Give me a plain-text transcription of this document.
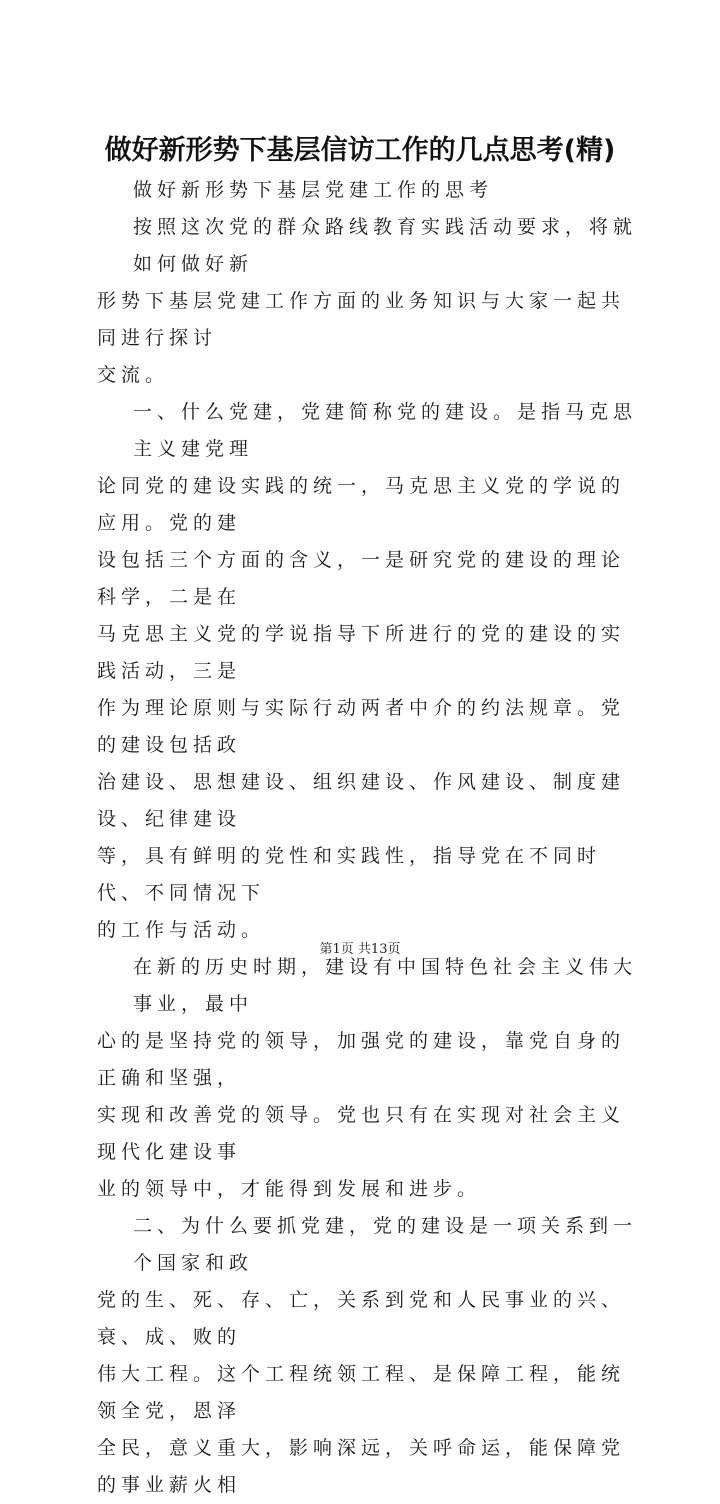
做好新形势下基层信访工作的几点思考(精)
做好新形势下基层党建工作的思考
按照这次党的群众路线教育实践活动要求，将就如何做好新
形势下基层党建工作方面的业务知识与大家一起共同进行探讨
交流。
一、什么党建，党建简称党的建设。是指马克思主义建党理
论同党的建设实践的统一，马克思主义党的学说的应用。党的建
设包括三个方面的含义，一是研究党的建设的理论科学，二是在
马克思主义党的学说指导下所进行的党的建设的实践活动，三是
作为理论原则与实际行动两者中介的约法规章。党的建设包括政
治建设、思想建设、组织建设、作风建设、制度建设、纪律建设
等，具有鲜明的党性和实践性，指导党在不同时代、不同情况下
的工作与活动。
在新的历史时期，建设有中国特色社会主义伟大事业，最中
心的是坚持党的领导，加强党的建设，靠党自身的正确和坚强，
实现和改善党的领导。党也只有在实现对社会主义现代化建设事
业的领导中，才能得到发展和进步。
二、为什么要抓党建，党的建设是一项关系到一个国家和政
党的生、死、存、亡，关系到党和人民事业的兴、衰、成、败的
伟大工程。这个工程统领工程、是保障工程，能统领全党，恩泽
全民，意义重大，影响深远，关呼命运，能保障党的事业薪火相
第1页 共13页
